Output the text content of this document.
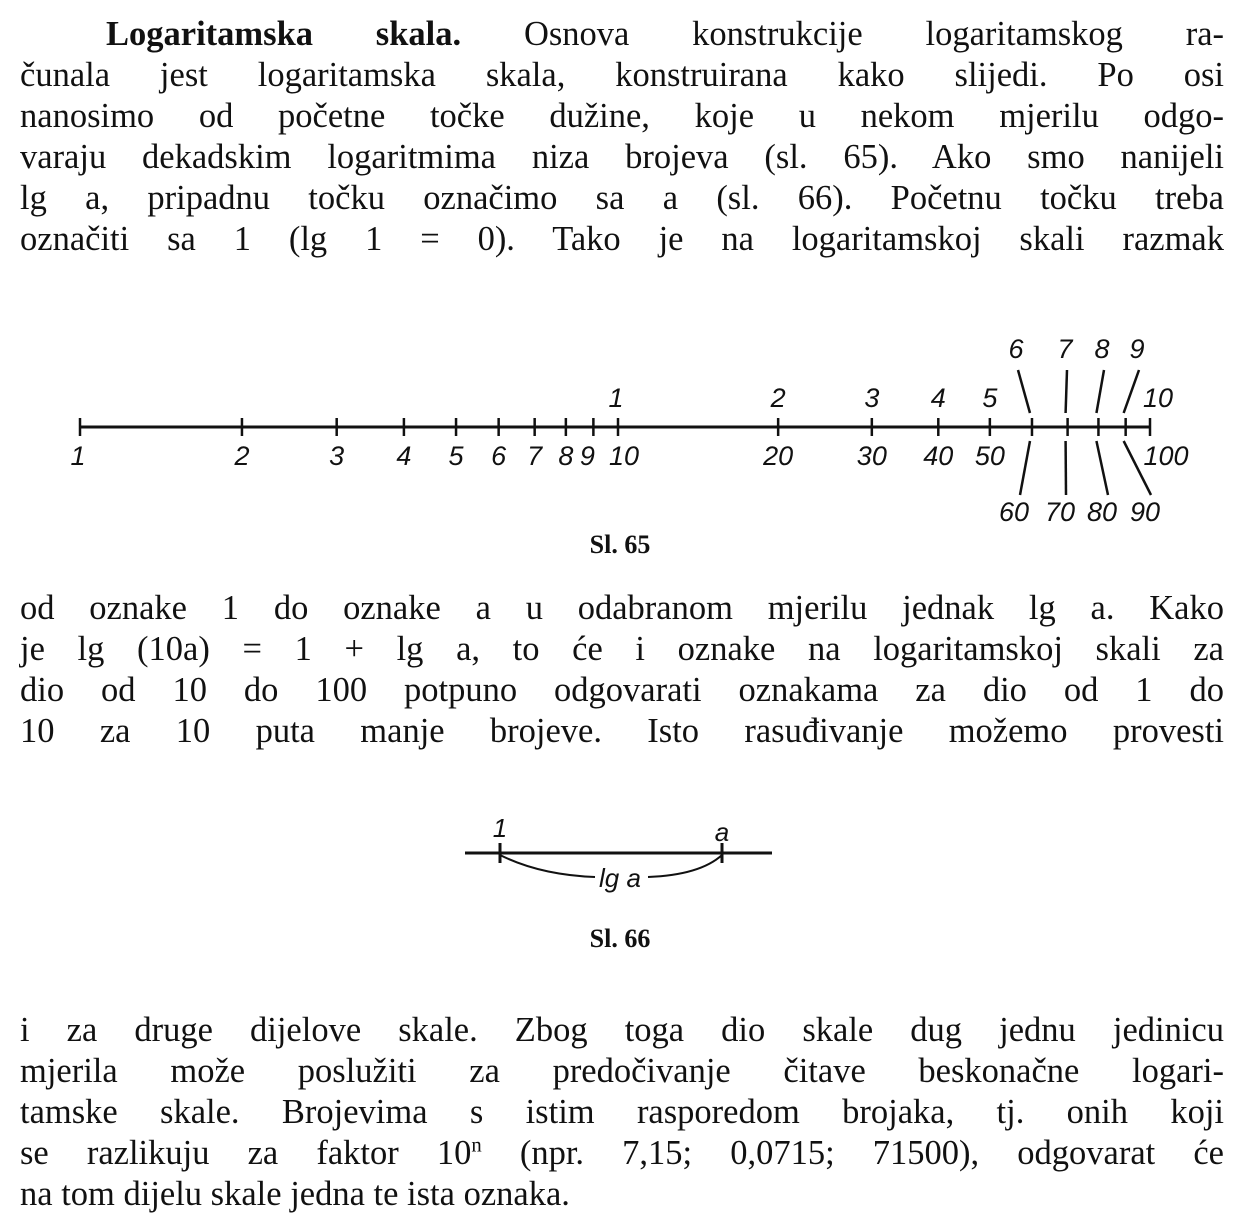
Logaritamska skala. Osnova konstrukcije logaritamskog ra-
čunala jest logaritamska skala, konstruirana kako slijedi. Po osi
nanosimo od početne točke dužine, koje u nekom mjerilu odgo-
varaju dekadskim logaritmima niza brojeva (sl. 65). Ako smo nanijeli
lg a, pripadnu točku označimo sa a (sl. 66). Početnu točku treba
označiti sa 1 (lg 1 = 0). Tako je na logaritamskoj skali razmak
1	2	3 4 5 6 7 8 9 10	20 30 40 50	100
1	2	3 4 5	10
6 7 8 9
60 70 80 90
Sl. 65
od oznake 1 do oznake a u odabranom mjerilu jednak lg a. Kako
je lg (10a) = 1 + lg a, to će i oznake na logaritamskoj skali za
dio od 10 do 100 potpuno odgovarati oznakama za dio od 1 do
10 za 10 puta manje brojeve. Isto rasuđivanje možemo provesti
1	a
lg a
Sl. 66
i za druge dijelove skale. Zbog toga dio skale dug jednu jedinicu
mjerila može poslužiti za predočivanje čitave beskonačne logari-
tamske skale. Brojevima s istim rasporedom brojaka, tj. onih koji
se razlikuju za faktor 10$^n$ (npr. 7,15; 0,0715; 71500), odgovarat će
na tom dijelu skale jedna te ista oznaka.
